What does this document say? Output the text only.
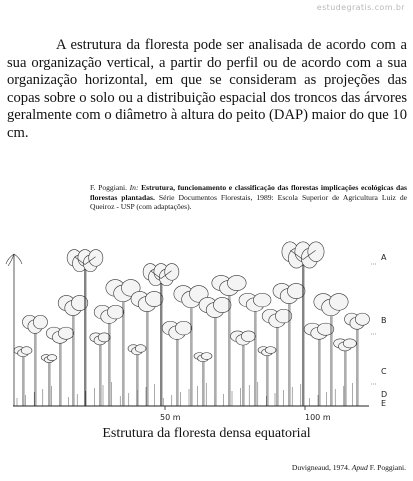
estudegratis.com.br

A estrutura da floresta pode ser analisada de acordo com a sua organização vertical, a partir do perfil ou de acordo com a sua organização horizontal, em que se consideram as projeções das copas sobre o solo ou a distribuição espacial dos troncos das árvores geralmente com o diâmetro à altura do peito (DAP) maior do que 10 cm.

F. Poggiani. In: Estrutura, funcionamento e classificação das florestas implicações ecológicas das florestas plantadas. Série Documentos Florestais, 1989: Escola Superior de Agricultura Luiz de Queiroz - USP (com adaptações).

50 m	100 m
A
B
C
D
E
Estrutura da floresta densa equatorial
Duvigneaud, 1974. Apud F. Poggiani.
